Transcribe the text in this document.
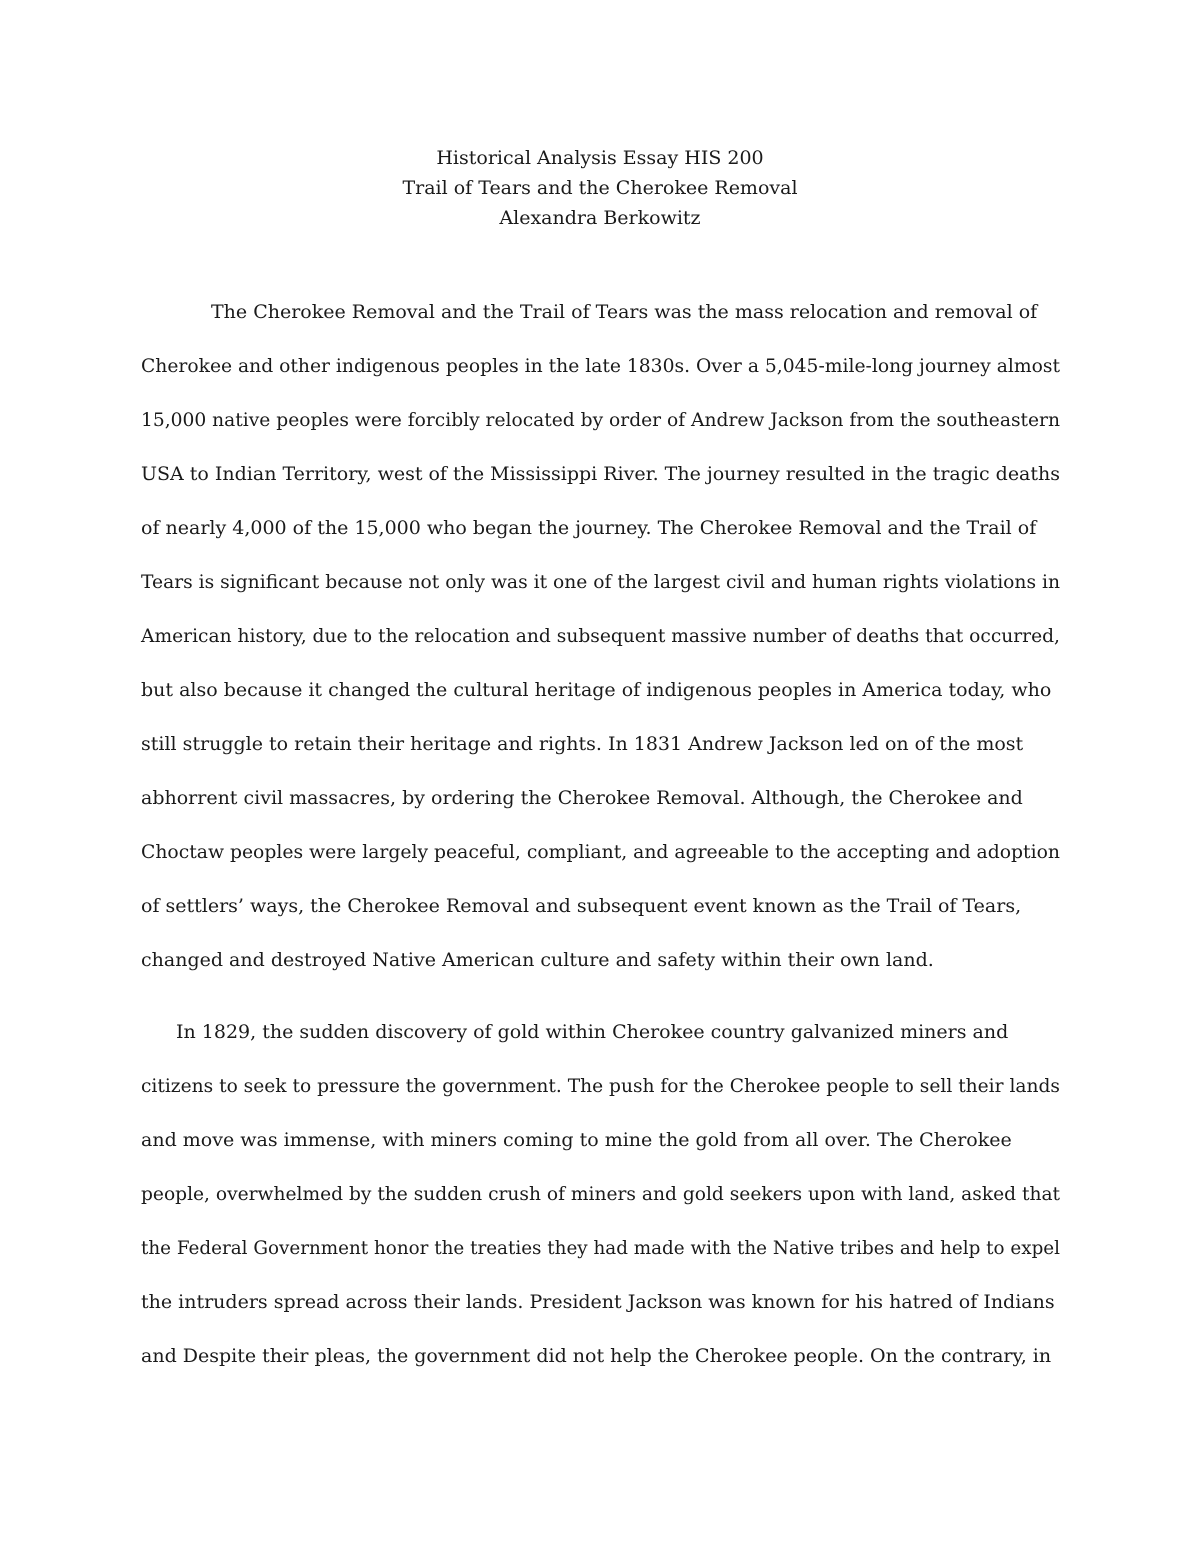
Historical Analysis Essay HIS 200
Trail of Tears and the Cherokee Removal
Alexandra Berkowitz
The Cherokee Removal and the Trail of Tears was the mass relocation and removal of
Cherokee and other indigenous peoples in the late 1830s. Over a 5,045-mile-long journey almost
15,000 native peoples were forcibly relocated by order of Andrew Jackson from the southeastern
USA to Indian Territory, west of the Mississippi River. The journey resulted in the tragic deaths
of nearly 4,000 of the 15,000 who began the journey. The Cherokee Removal and the Trail of
Tears is significant because not only was it one of the largest civil and human rights violations in
American history, due to the relocation and subsequent massive number of deaths that occurred,
but also because it changed the cultural heritage of indigenous peoples in America today, who
still struggle to retain their heritage and rights. In 1831 Andrew Jackson led on of the most
abhorrent civil massacres, by ordering the Cherokee Removal. Although, the Cherokee and
Choctaw peoples were largely peaceful, compliant, and agreeable to the accepting and adoption
of settlers’ ways, the Cherokee Removal and subsequent event known as the Trail of Tears,
changed and destroyed Native American culture and safety within their own land.
In 1829, the sudden discovery of gold within Cherokee country galvanized miners and
citizens to seek to pressure the government. The push for the Cherokee people to sell their lands
and move was immense, with miners coming to mine the gold from all over. The Cherokee
people, overwhelmed by the sudden crush of miners and gold seekers upon with land, asked that
the Federal Government honor the treaties they had made with the Native tribes and help to expel
the intruders spread across their lands. President Jackson was known for his hatred of Indians
and Despite their pleas, the government did not help the Cherokee people. On the contrary, in
